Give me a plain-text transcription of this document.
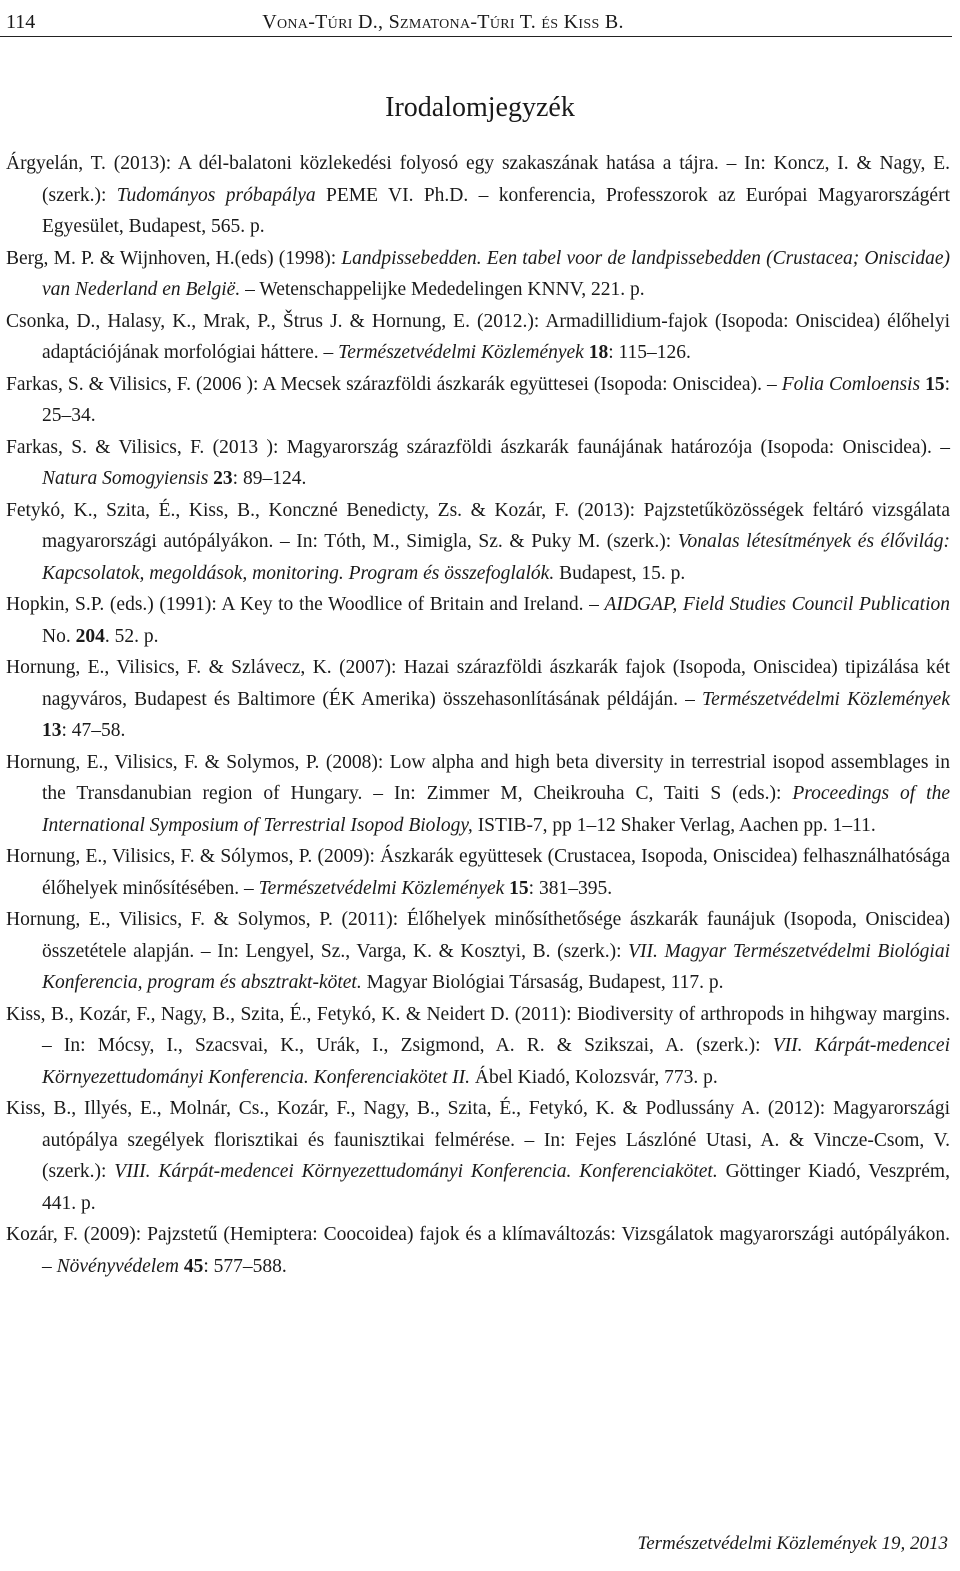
114	Vona-Túri D., Szmatona-Túri T. és Kiss B.
Irodalomjegyzék

Árgyelán, T. (2013): A dél-balatoni közlekedési folyosó egy szakaszának hatása a tájra. – In: Koncz, I. & Nagy, E. (szerk.): Tudományos próbapálya PEME VI. Ph.D. – konferencia, Professzorok az Európai Magyarországért Egyesület, Budapest, 565. p.

Berg, M. P. & Wijnhoven, H.(eds) (1998): Landpissebedden. Een tabel voor de landpissebedden (Crustacea; Oniscidae) van Nederland en België. – Wetenschappelijke Mededelingen KNNV, 221. p.

Csonka, D., Halasy, K., Mrak, P., Štrus J. & Hornung, E. (2012.): Armadillidium-fajok (Isopoda: Oniscidea) élőhelyi adaptációjának morfológiai háttere. – Természetvédelmi Közlemények 18: 115–126.

Farkas, S. & Vilisics, F. (2006 ): A Mecsek szárazföldi ászkarák együttesei (Isopoda: Oniscidea). – Folia Comloensis 15: 25–34.

Farkas, S. & Vilisics, F. (2013 ): Magyarország szárazföldi ászkarák faunájának határozója (Isopoda: Oniscidea). – Natura Somogyiensis 23: 89–124.

Fetykó, K., Szita, É., Kiss, B., Konczné Benedicty, Zs. & Kozár, F. (2013): Pajzstetűközösségek feltáró vizsgálata magyarországi autópályákon. – In: Tóth, M., Simigla, Sz. & Puky M. (szerk.): Vonalas létesítmények és élővilág: Kapcsolatok, megoldások, monitoring. Program és összefoglalók. Budapest, 15. p.

Hopkin, S.P. (eds.) (1991): A Key to the Woodlice of Britain and Ireland. – AIDGAP, Field Studies Council Publication No. 204. 52. p.

Hornung, E., Vilisics, F. & Szlávecz, K. (2007): Hazai szárazföldi ászkarák fajok (Isopoda, Oniscidea) tipizálása két nagyváros, Budapest és Baltimore (ÉK Amerika) összehasonlításának példáján. – Természetvédelmi Közlemények 13: 47–58.

Hornung, E., Vilisics, F. & Solymos, P. (2008): Low alpha and high beta diversity in terrestrial isopod assemblages in the Transdanubian region of Hungary. – In: Zimmer M, Cheikrouha C, Taiti S (eds.): Proceedings of the International Symposium of Terrestrial Isopod Biology, ISTIB-7, pp 1–12 Shaker Verlag, Aachen pp. 1–11.

Hornung, E., Vilisics, F. & Sólymos, P. (2009): Ászkarák együttesek (Crustacea, Isopoda, Oniscidea) felhasználhatósága élőhelyek minősítésében. – Természetvédelmi Közlemények 15: 381–395.

Hornung, E., Vilisics, F. & Solymos, P. (2011): Élőhelyek minősíthetősége ászkarák faunájuk (Isopoda, Oniscidea) összetétele alapján. – In: Lengyel, Sz., Varga, K. & Kosztyi, B. (szerk.): VII. Magyar Természetvédelmi Biológiai Konferencia, program és absztrakt-kötet. Magyar Biológiai Társaság, Budapest, 117. p.

Kiss, B., Kozár, F., Nagy, B., Szita, É., Fetykó, K. & Neidert D. (2011): Biodiversity of arthropods in hihgway margins. – In: Mócsy, I., Szacsvai, K., Urák, I., Zsigmond, A. R. & Szikszai, A. (szerk.): VII. Kárpát-medencei Környezettudományi Konferencia. Konferenciakötet II. Ábel Kiadó, Kolozsvár, 773. p.

Kiss, B., Illyés, E., Molnár, Cs., Kozár, F., Nagy, B., Szita, É., Fetykó, K. & Podlussány A. (2012): Magyarországi autópálya szegélyek florisztikai és faunisztikai felmérése. – In: Fejes Lászlóné Utasi, A. & Vincze-Csom, V. (szerk.): VIII. Kárpát-medencei Környezettudományi Konferencia. Konferenciakötet. Göttinger Kiadó, Veszprém, 441. p.

Kozár, F. (2009): Pajzstetű (Hemiptera: Coocoidea) fajok és a klímaváltozás: Vizsgálatok magyarországi autópályákon. – Növényvédelem 45: 577–588.

Természetvédelmi Közlemények 19, 2013
